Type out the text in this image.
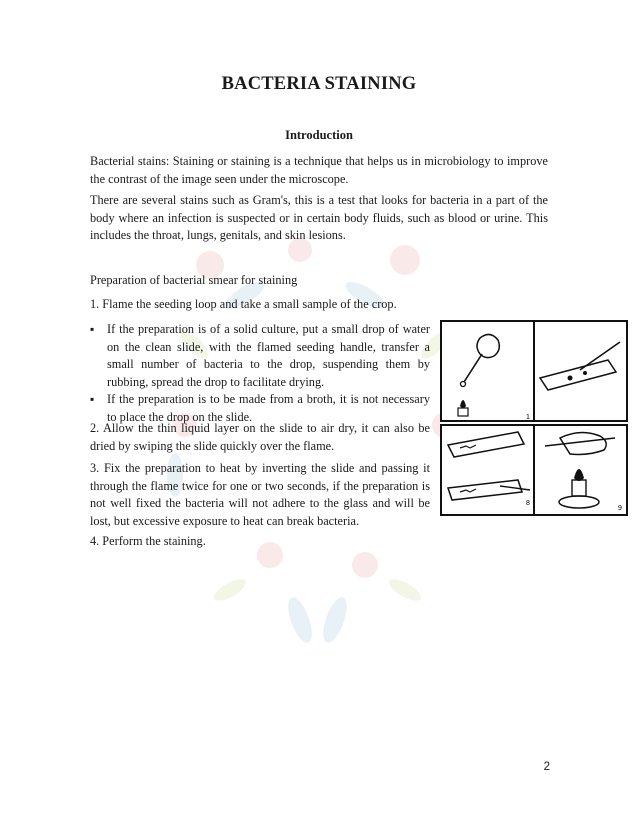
BACTERIA STAINING
Introduction
Bacterial stains: Staining or staining is a technique that helps us in microbiology to improve the contrast of the image seen under the microscope.
There are several stains such as Gram's, this is a test that looks for bacteria in a part of the body where an infection is suspected or in certain body fluids, such as blood or urine. This includes the throat, lungs, genitals, and skin lesions.
Preparation of bacterial smear for staining
1. Flame the seeding loop and take a small sample of the crop.
▪ If the preparation is of a solid culture, put a small drop of water on the clean slide, with the flamed seeding handle, transfer a small number of bacteria to the drop, suspending them by rubbing, spread the drop to facilitate drying.
▪ If the preparation is to be made from a broth, it is not necessary to place the drop on the slide.
2. Allow the thin liquid layer on the slide to air dry, it can also be dried by swiping the slide quickly over the flame.
3. Fix the preparation to heat by inverting the slide and passing it through the flame twice for one or two seconds, if the preparation is not well fixed the bacteria will not adhere to the glass and will be lost, but excessive exposure to heat can break bacteria.
4. Perform the staining.
1
8
9
2
